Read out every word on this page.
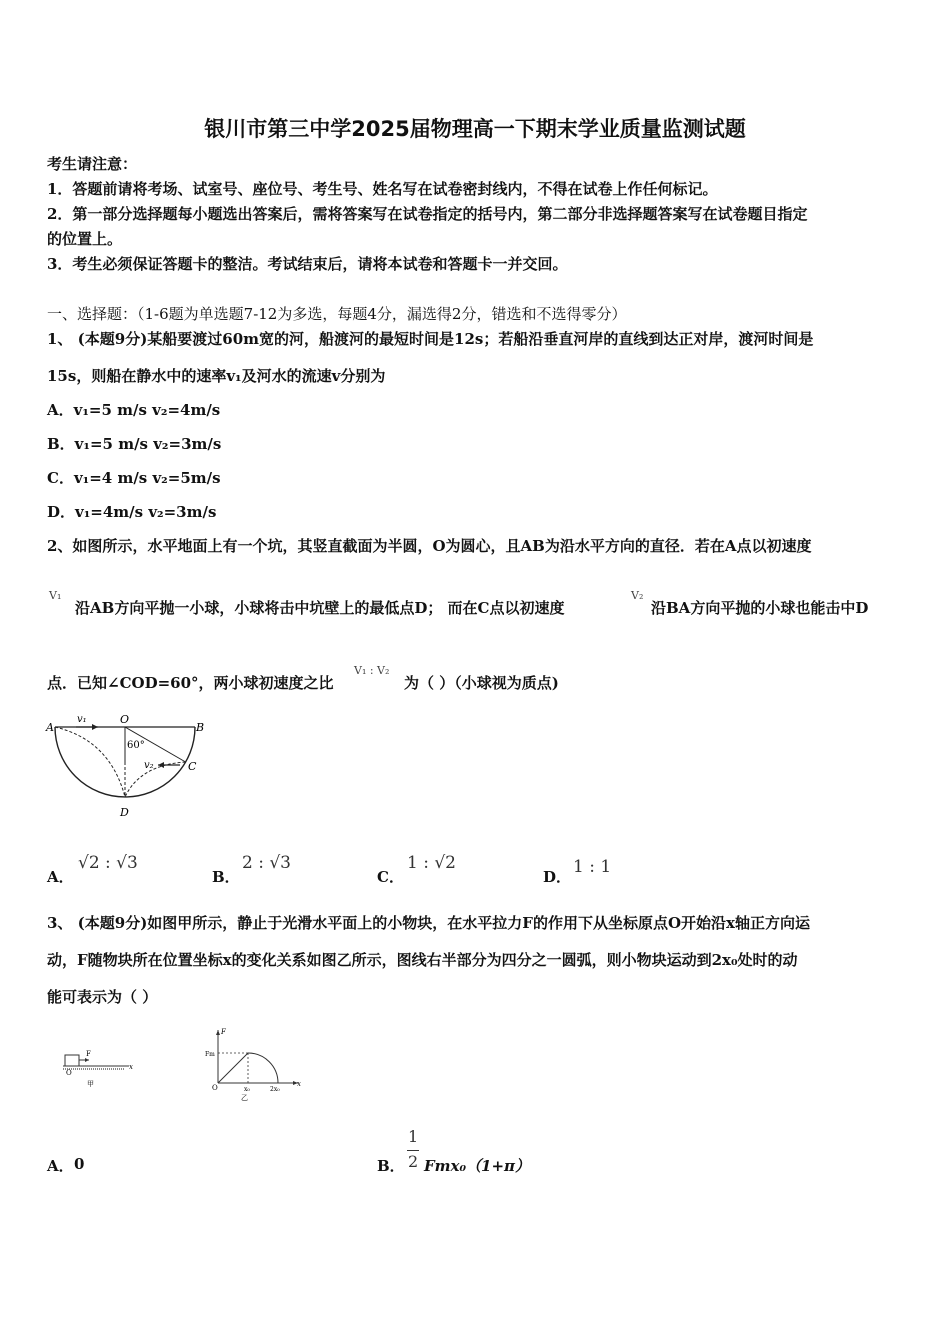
银川市第三中学2025届物理高一下期末学业质量监测试题
考生请注意：
1．答题前请将考场、试室号、座位号、考生号、姓名写在试卷密封线内，不得在试卷上作任何标记。
2．第一部分选择题每小题选出答案后，需将答案写在试卷指定的括号内，第二部分非选择题答案写在试卷题目指定
的位置上。
3．考生必须保证答题卡的整洁。考试结束后，请将本试卷和答题卡一并交回。
一、选择题：（1-6题为单选题7-12为多选，每题4分，漏选得2分，错选和不选得零分）
1、 (本题9分)某船要渡过60m宽的河，船渡河的最短时间是12s；若船沿垂直河岸的直线到达正对岸，渡河时间是
15s，则船在静水中的速率v₁及河水的流速v分别为
A．v₁=5 m/s v₂=4m/s
B．v₁=5 m/s v₂=3m/s
C．v₁=4 m/s v₂=5m/s
D．v₁=4m/s v₂=3m/s
2、如图所示，水平地面上有一个坑，其竖直截面为半圆，O为圆心，且AB为沿水平方向的直径．若在A点以初速度
V₁
沿AB方向平抛一小球，小球将击中坑壁上的最低点D； 而在C点以初速度
V₂
沿BA方向平抛的小球也能击中D
点．已知∠COD=60°，两小球初速度之比
V₁ : V₂
为（ ）（小球视为质点)
A	B
O
C
D
v₁
v₂
60°
A．
√2 : √3
B．
2 : √3
C．
1 : √2
D． 1 : 1
3、 (本题9分)如图甲所示，静止于光滑水平面上的小物块，在水平拉力F的作用下从坐标原点O开始沿x轴正方向运
动，F随物块所在位置坐标x的变化关系如图乙所示，图线右半部分为四分之一圆弧，则小物块运动到2x₀处时的动
能可表示为（ ）
F
O
x
甲
F
Fm
O	x₀	2x₀
x
乙
A． 0	B．
1
2 Fmx₀（1+π）
